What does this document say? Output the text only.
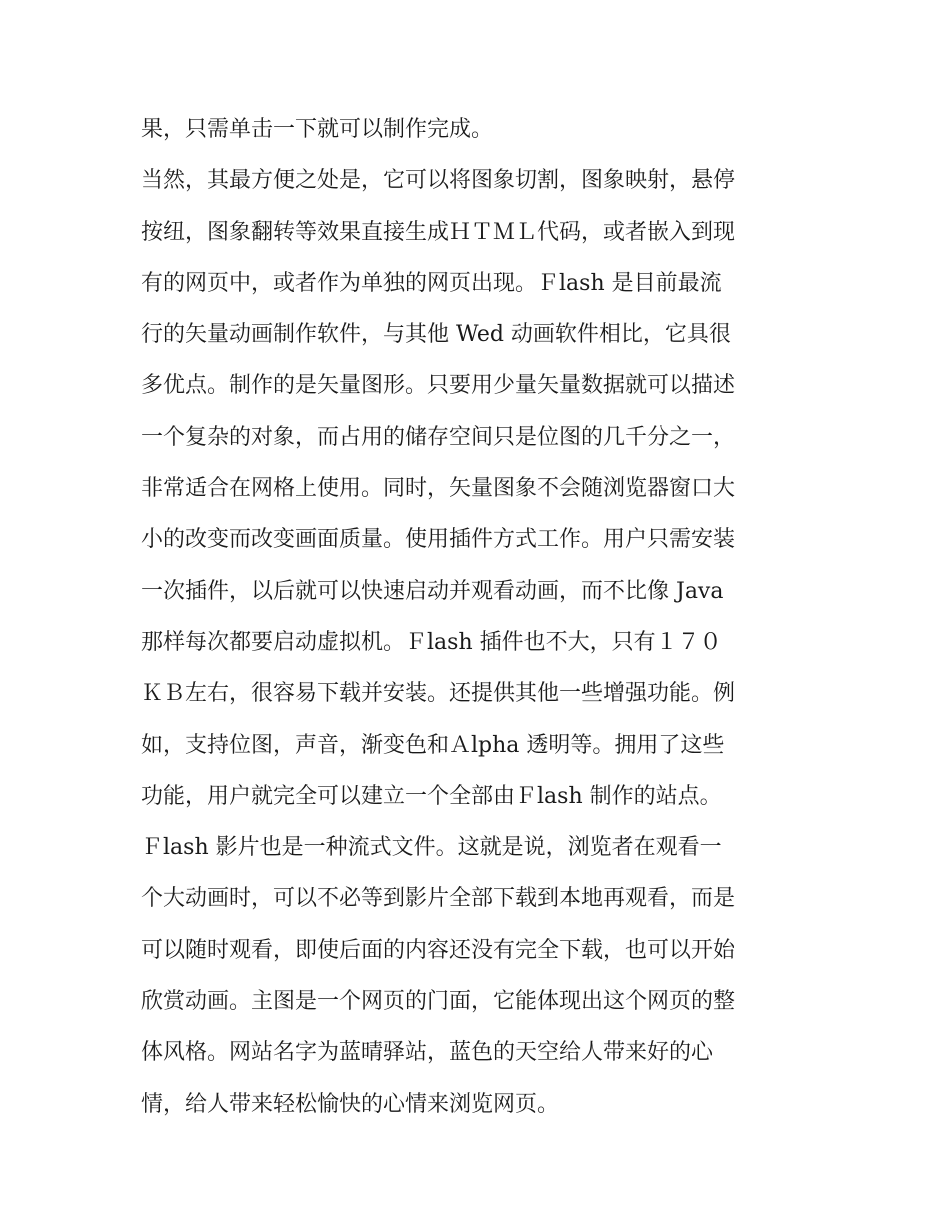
果，只需单击一下就可以制作完成。
当然，其最方便之处是，它可以将图象切割，图象映射，悬停
按纽，图象翻转等效果直接生成ＨＴＭＬ代码，或者嵌入到现
有的网页中，或者作为单独的网页出现。Ｆlash 是目前最流
行的矢量动画制作软件，与其他 Wed 动画软件相比，它具很
多优点。制作的是矢量图形。只要用少量矢量数据就可以描述
一个复杂的对象，而占用的储存空间只是位图的几千分之一，
非常适合在网格上使用。同时，矢量图象不会随浏览器窗口大
小的改变而改变画面质量。使用插件方式工作。用户只需安装
一次插件，以后就可以快速启动并观看动画，而不比像 Java
那样每次都要启动虚拟机。Ｆlash 插件也不大，只有１７０
ＫＢ左右，很容易下载并安装。还提供其他一些增强功能。例
如，支持位图，声音，渐变色和Ａlpha 透明等。拥用了这些
功能，用户就完全可以建立一个全部由Ｆlash 制作的站点。
Ｆlash 影片也是一种流式文件。这就是说，浏览者在观看一
个大动画时，可以不必等到影片全部下载到本地再观看，而是
可以随时观看，即使后面的内容还没有完全下载，也可以开始
欣赏动画。主图是一个网页的门面，它能体现出这个网页的整
体风格。网站名字为蓝晴驿站，蓝色的天空给人带来好的心
情，给人带来轻松愉快的心情来浏览网页。
